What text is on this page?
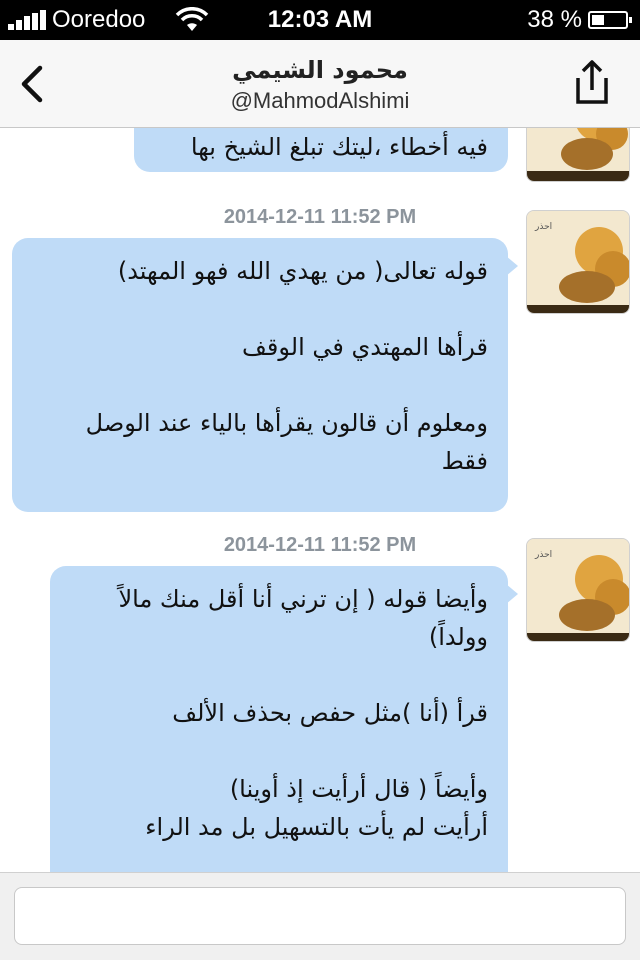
Ooredoo	12:03 AM	38 %
محمود الشيمي
@MahmodAlshimi
فيه أخطاء ،ليتك تبلغ الشيخ بها
2014-12-11 11:52 PM
قوله تعالى( من يهدي الله فهو المهتد)

قرأها المهتدي في الوقف

ومعلوم أن قالون يقرأها بالياء عند الوصل فقط
احذر
2014-12-11 11:52 PM
وأيضا قوله ( إن ترني أنا أقل منك مالاً وولداً)

قرأ (أنا )مثل حفص بحذف الألف

وأيضاً ( قال أرأيت إذ أوينا)
أرأيت لم يأت بالتسهيل بل مد الراء
احذر
